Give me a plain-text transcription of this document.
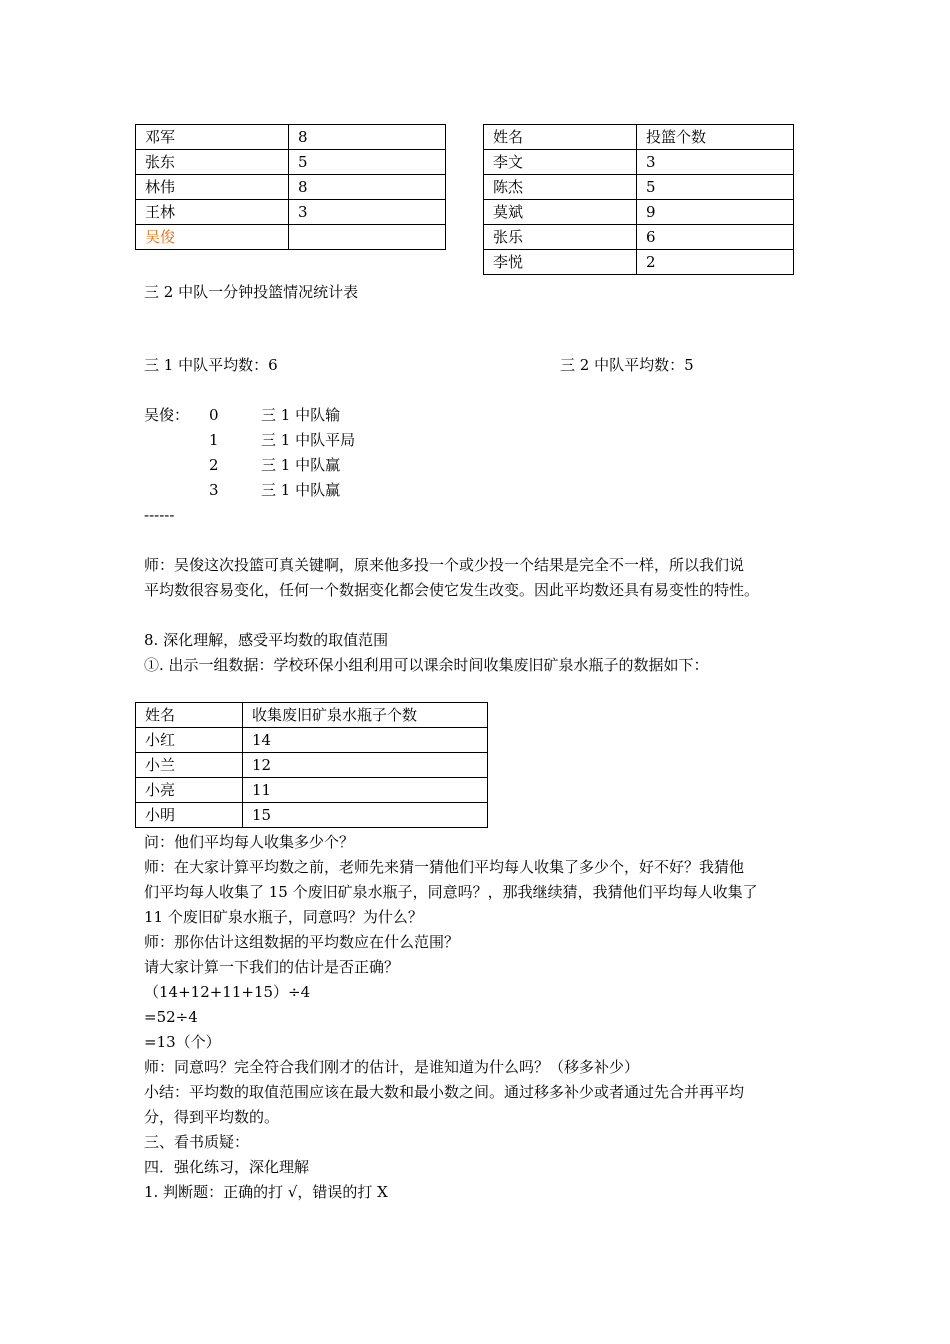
邓军	8
张东	5
林伟	8
王林	3
吴俊	
姓名	投篮个数
李文	3
陈杰	5
莫斌	9
张乐	6
李悦	2
三 2 中队一分钟投篮情况统计表
三 1 中队平均数：6	三 2 中队平均数：5
吴俊： 0	三 1 中队输
1	三 1 中队平局
2	三 1 中队赢
3	三 1 中队赢
------
师：吴俊这次投篮可真关键啊，原来他多投一个或少投一个结果是完全不一样，所以我们说
平均数很容易变化，任何一个数据变化都会使它发生改变。因此平均数还具有易变性的特性。
8. 深化理解，感受平均数的取值范围
①. 出示一组数据：学校环保小组利用可以课余时间收集废旧矿泉水瓶子的数据如下：
姓名	收集废旧矿泉水瓶子个数
小红	14
小兰	12
小亮	11
小明	15
问：他们平均每人收集多少个？
师：在大家计算平均数之前，老师先来猜一猜他们平均每人收集了多少个，好不好？我猜他
们平均每人收集了 15 个废旧矿泉水瓶子，同意吗？，那我继续猜，我猜他们平均每人收集了
11 个废旧矿泉水瓶子，同意吗？为什么？
师：那你估计这组数据的平均数应在什么范围？
请大家计算一下我们的估计是否正确？
（14+12+11+15）÷4
=52÷4
=13（个）
师：同意吗？完全符合我们刚才的估计，是谁知道为什么吗？（移多补少）
小结：平均数的取值范围应该在最大数和最小数之间。通过移多补少或者通过先合并再平均
分，得到平均数的。
三、看书质疑：
四．强化练习，深化理解
1. 判断题：正确的打 √，错误的打 X
